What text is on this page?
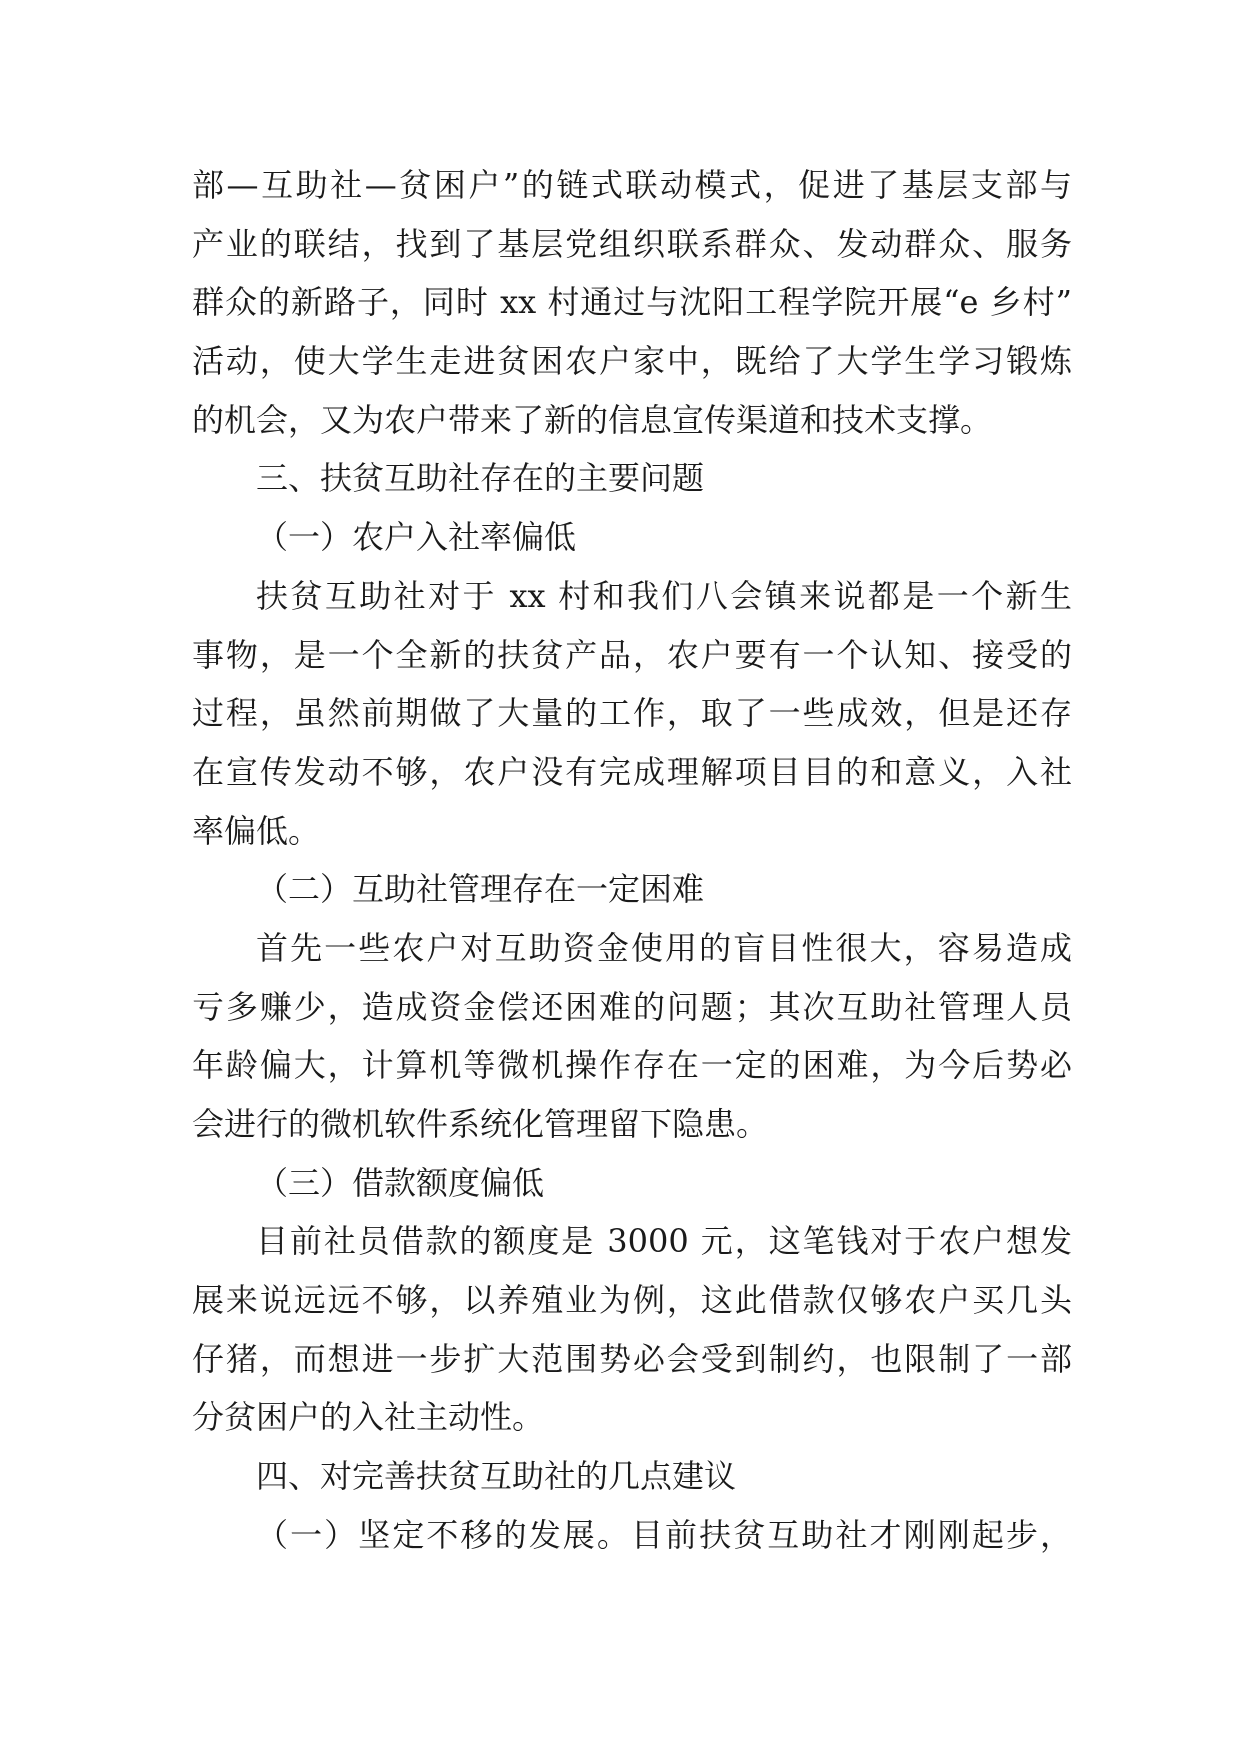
部—互助社—贫困户”的链式联动模式，促进了基层支部与
产业的联结，找到了基层党组织联系群众、发动群众、服务
群众的新路子，同时 xx 村通过与沈阳工程学院开展“e 乡村”
活动，使大学生走进贫困农户家中，既给了大学生学习锻炼
的机会，又为农户带来了新的信息宣传渠道和技术支撑。
三、扶贫互助社存在的主要问题
（一）农户入社率偏低
扶贫互助社对于 xx 村和我们八会镇来说都是一个新生
事物，是一个全新的扶贫产品，农户要有一个认知、接受的
过程，虽然前期做了大量的工作，取了一些成效，但是还存
在宣传发动不够，农户没有完成理解项目目的和意义，入社
率偏低。
（二）互助社管理存在一定困难
首先一些农户对互助资金使用的盲目性很大，容易造成
亏多赚少，造成资金偿还困难的问题；其次互助社管理人员
年龄偏大，计算机等微机操作存在一定的困难，为今后势必
会进行的微机软件系统化管理留下隐患。
（三）借款额度偏低
目前社员借款的额度是 3000 元，这笔钱对于农户想发
展来说远远不够，以养殖业为例，这此借款仅够农户买几头
仔猪，而想进一步扩大范围势必会受到制约，也限制了一部
分贫困户的入社主动性。
四、对完善扶贫互助社的几点建议
（一）坚定不移的发展。目前扶贫互助社才刚刚起步，
